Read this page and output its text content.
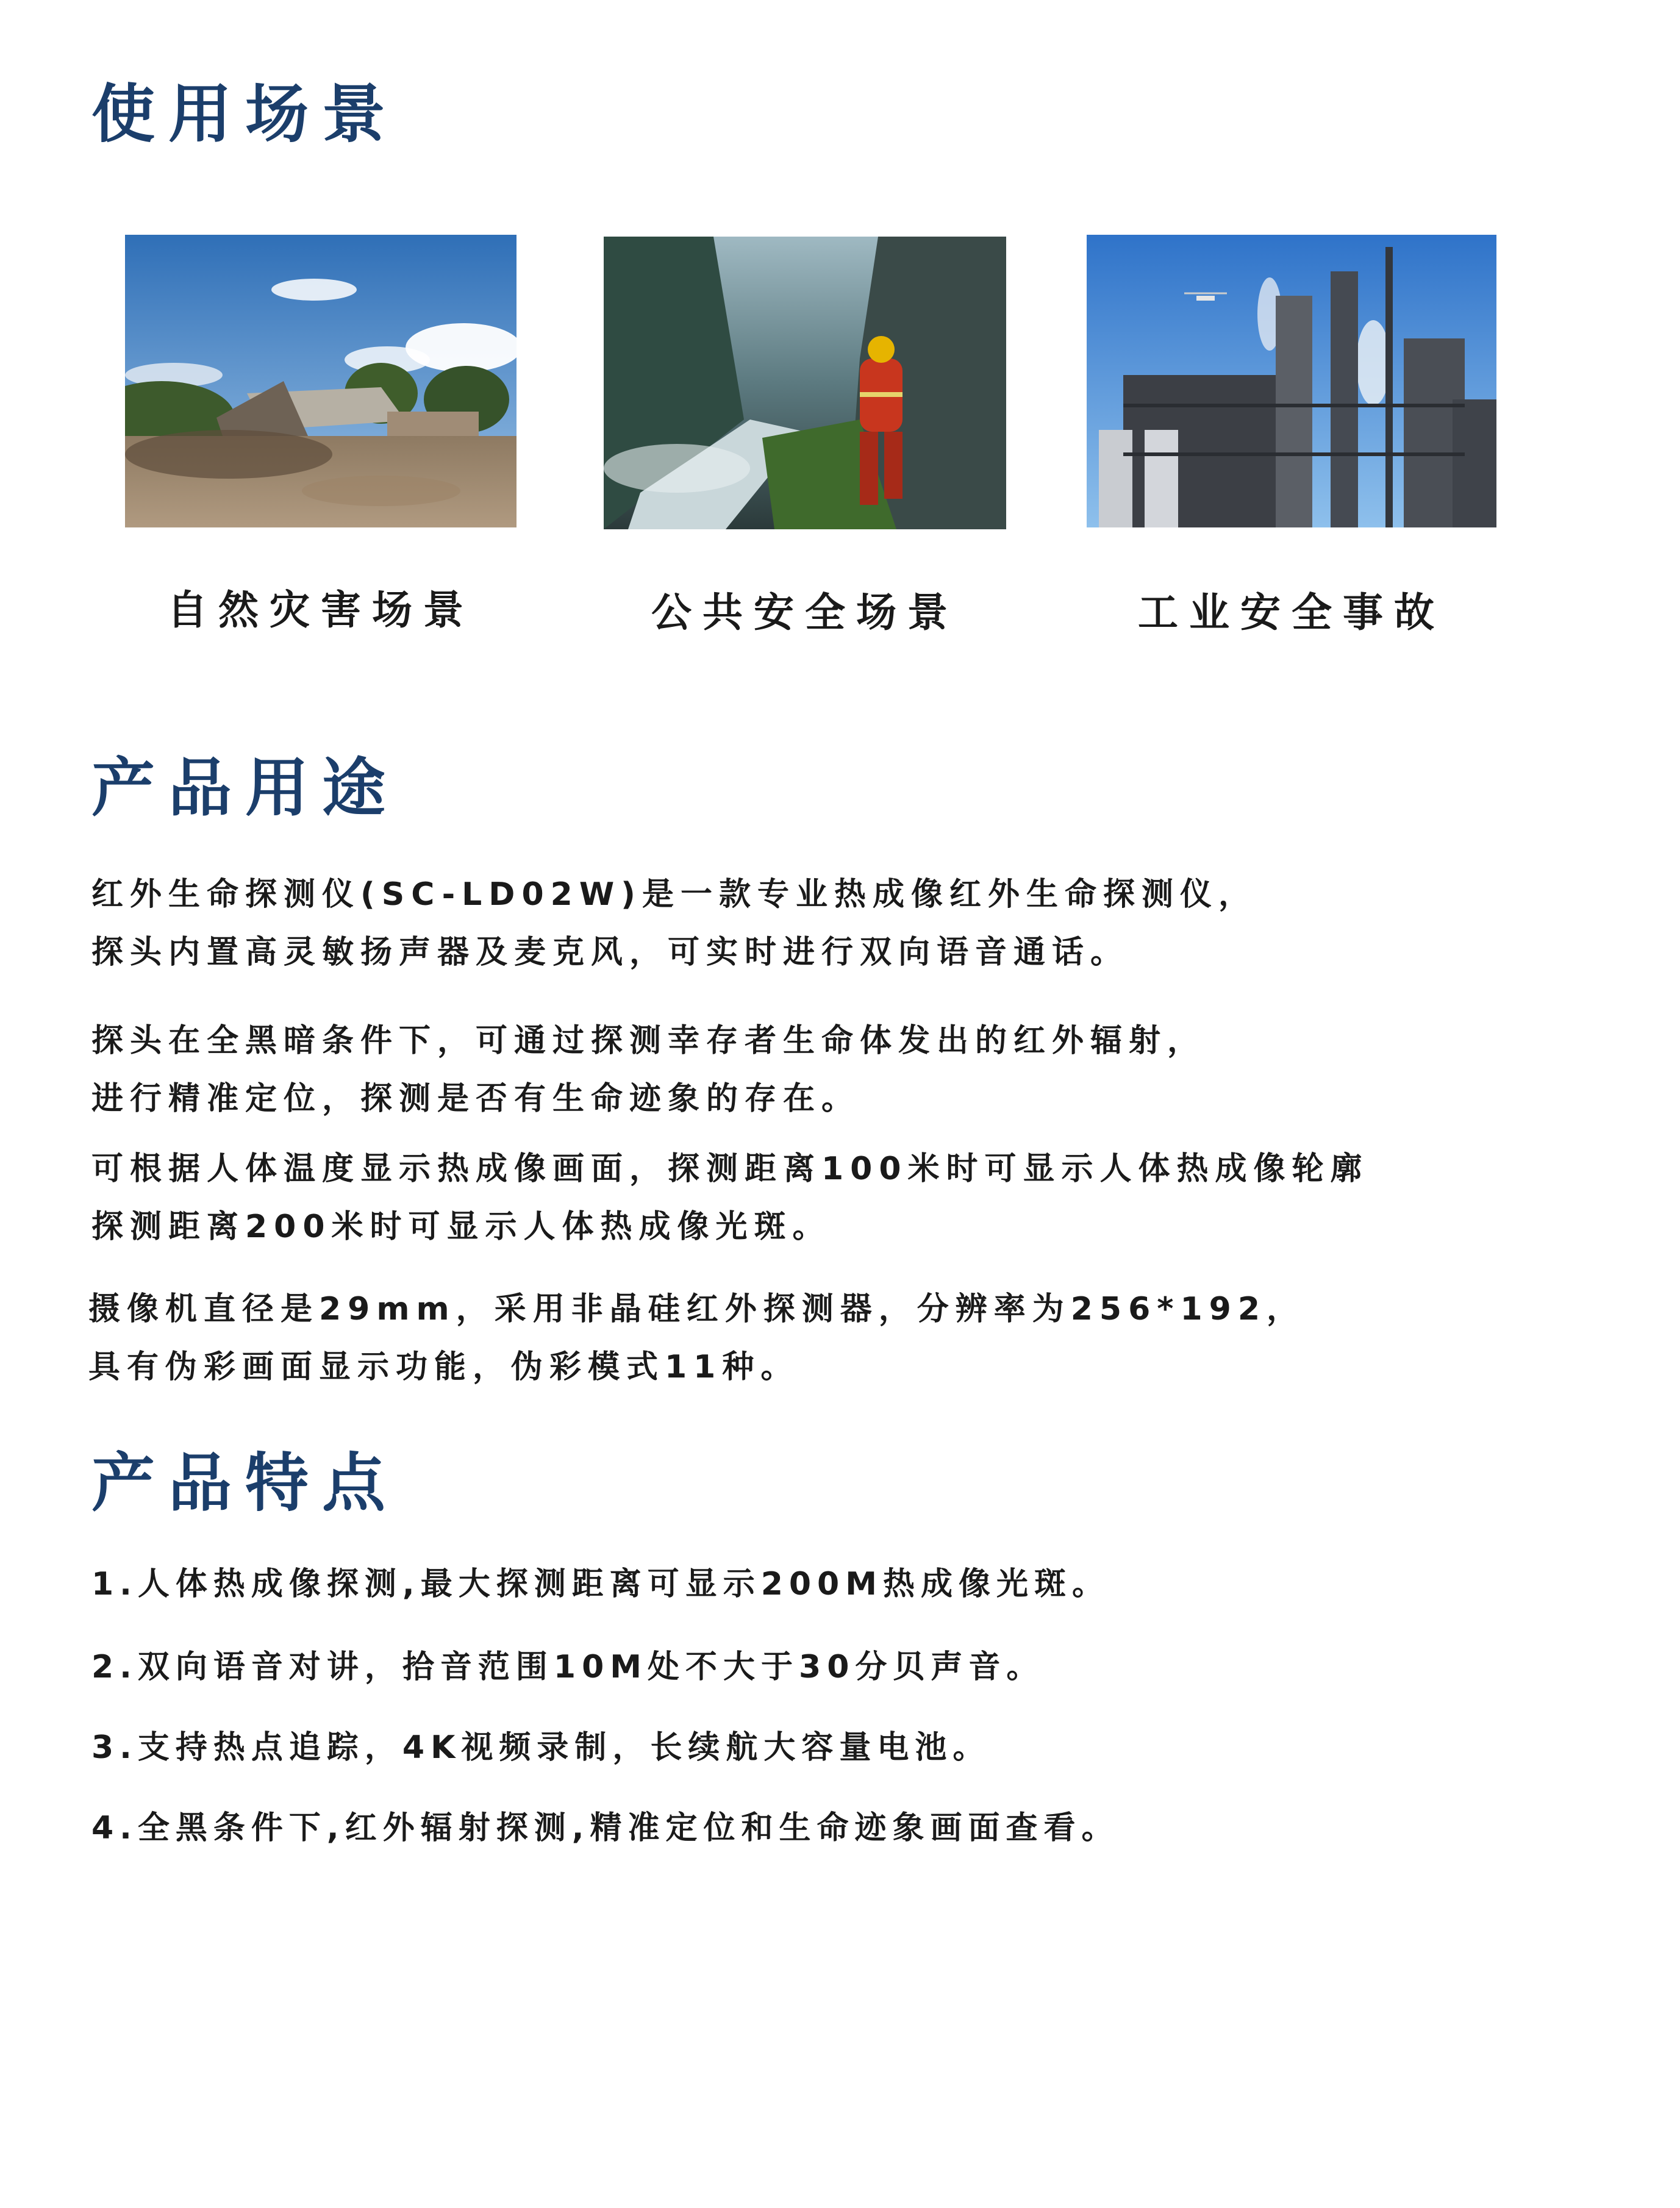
使用场景
自然灾害场景	公共安全场景	工业安全事故
产品用途
红外生命探测仪(SC-LD02W)是一款专业热成像红外生命探测仪，
探头内置高灵敏扬声器及麦克风，可实时进行双向语音通话。
探头在全黑暗条件下，可通过探测幸存者生命体发出的红外辐射，
进行精准定位，探测是否有生命迹象的存在。
可根据人体温度显示热成像画面，探测距离100米时可显示人体热成像轮廓
探测距离200米时可显示人体热成像光斑。
摄像机直径是29mm，采用非晶硅红外探测器，分辨率为256*192，
具有伪彩画面显示功能，伪彩模式11种。
产品特点
1.人体热成像探测,最大探测距离可显示200M热成像光斑。
2.双向语音对讲，拾音范围10M处不大于30分贝声音。
3.支持热点追踪，4K视频录制，长续航大容量电池。
4.全黑条件下,红外辐射探测,精准定位和生命迹象画面查看。
